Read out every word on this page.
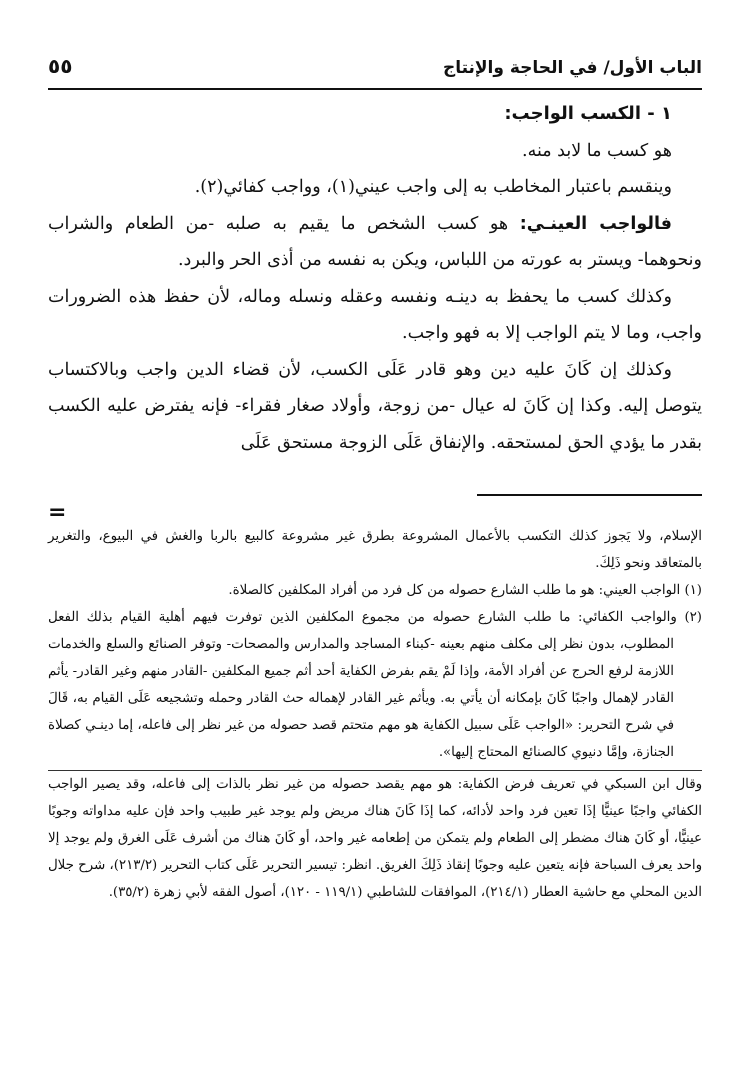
الباب الأول/ في الحاجة والإنتاج
٥٥

١ - الكسب الواجب:

هو كسب ما لابد منه.

وينقسم باعتبار المخاطب به إلى واجب عيني(١)، وواجب كفائي(٢).

فالواجب العينـي: هو كسب الشخص ما يقيم به صلبه -من الطعام والشراب ونحوهما- ويستر به عورته من اللباس، ويكن به نفسه من أذى الحر والبرد.

وكذلك كسب ما يحفظ به دينـه ونفسه وعقله ونسله وماله، لأن حفظ هذه الضرورات واجب، وما لا يتم الواجب إلا به فهو واجب.

وكذلك إن كَانَ عليه دين وهو قادر عَلَى الكسب، لأن قضاء الدين واجب وبالاكتساب يتوصل إليه. وكذا إن كَانَ له عيال -من زوجة، وأولاد صغار فقراء- فإنه يفترض عليه الكسب بقدر ما يؤدي الحق لمستحقه. والإنفاق عَلَى الزوجة مستحق عَلَى

=

الإسلام، ولا يَجوز كذلك التكسب بالأعمال المشروعة بطرق غير مشروعة كالبيع بالربا والغش في البيوع، والتغرير بالمتعاقد ونحو ذَلِكَ.

(١) الواجب العيني: هو ما طلب الشارع حصوله من كل فرد من أفراد المكلفين كالصلاة.

(٢) والواجب الكفائي: ما طلب الشارع حصوله من مجموع المكلفين الذين توفرت فيهم أهلية القيام بذلك الفعل المطلوب، بدون نظر إلى مكلف منهم بعينه -كبناء المساجد والمدارس والمصحات- وتوفر الصنائع والسلع والخدمات اللازمة لرفع الحرج عن أفراد الأمة، وإذا لَمْ يقم بفرض الكفاية أحد أثم جميع المكلفين -القادر منهم وغير القادر- يأثم القادر لإهمال واجبًا كَانَ بإمكانه أن يأتي به. ويأثم غير القادر لإهماله حث القادر وحمله وتشجيعه عَلَى القيام به، قَالَ في شرح التحرير: «الواجب عَلَى سبيل الكفاية هو مهم متحتم قصد حصوله من غير نظر إلى فاعله، إما دينـي كصلاة الجنازة، وإمَّا دنيوي كالصنائع المحتاج إليها».

وقال ابن السبكي في تعريف فرض الكفاية: هو مهم يقصد حصوله من غير نظر بالذات إلى فاعله، وقد يصير الواجب الكفائي واجبًا عينيًّا إذَا تعين فرد واحد لأدائه، كما إذَا كَانَ هناك مريض ولم يوجد غير طبيب واحد فإن عليه مداواته وجوبًا عينيًّا، أو كَانَ هناك مضطر إلى الطعام ولم يتمكن من إطعامه غير واحد، أو كَانَ هناك من أشرف عَلَى الغرق ولم يوجد إلا واحد يعرف السباحة فإنه يتعين عليه وجوبًا إنقاذ ذَلِكَ الغريق. انظر: تيسير التحرير عَلَى كتاب التحرير (٢١٣/٢)، شرح جلال الدين المحلي مع حاشية العطار (٢١٤/١)، الموافقات للشاطبي (١١٩/١ - ١٢٠)، أصول الفقه لأبي زهرة (٣٥/٢).
